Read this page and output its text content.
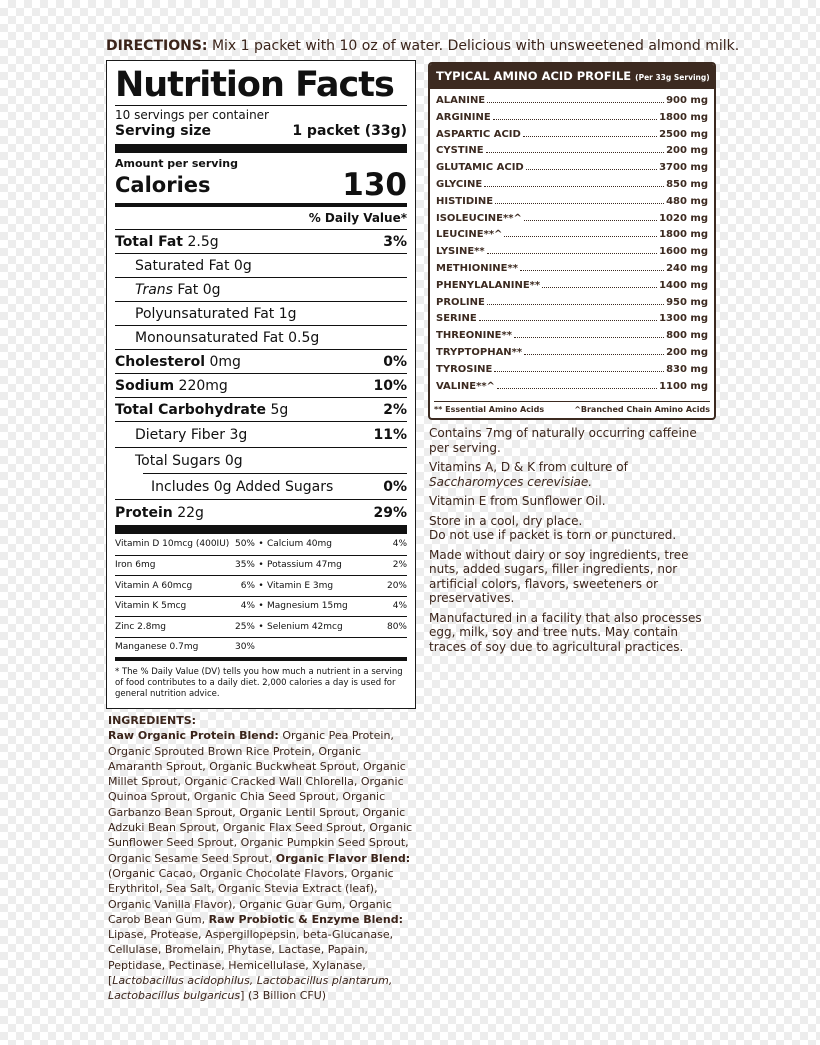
DIRECTIONS: Mix 1 packet with 10 oz of water. Delicious with unsweetened almond milk.
Nutrition Facts
10 servings per container
Serving size	1 packet (33g)
Amount per serving
Calories	130
% Daily Value*
Total Fat 2.5g	3%
Saturated Fat 0g
Trans Fat 0g
Polyunsaturated Fat 1g
Monounsaturated Fat 0.5g
Cholesterol 0mg	0%
Sodium 220mg	10%
Total Carbohydrate 5g	2%
Dietary Fiber 3g	11%
Total Sugars 0g
Includes 0g Added Sugars	0%
Protein 22g	29%
Vitamin D 10mcg (400IU) 50% • Calcium 40mg	4%
Iron 6mg	35% • Potassium 47mg	2%
Vitamin A 60mcg	6% • Vitamin E 3mg	20%
Vitamin K 5mcg	4% • Magnesium 15mg	4%
Zinc 2.8mg	25% • Selenium 42mcg	80%
Manganese 0.7mg	30%
* The % Daily Value (DV) tells you how much a nutrient in a serving of food contributes to a daily diet. 2,000 calories a day is used for general nutrition advice.
INGREDIENTS:
Raw Organic Protein Blend: Organic Pea Protein, Organic Sprouted Brown Rice Protein, Organic Amaranth Sprout, Organic Buckwheat Sprout, Organic Millet Sprout, Organic Cracked Wall Chlorella, Organic Quinoa Sprout, Organic Chia Seed Sprout, Organic Garbanzo Bean Sprout, Organic Lentil Sprout, Organic Adzuki Bean Sprout, Organic Flax Seed Sprout, Organic Sunflower Seed Sprout, Organic Pumpkin Seed Sprout, Organic Sesame Seed Sprout, Organic Flavor Blend: (Organic Cacao, Organic Chocolate Flavors, Organic Erythritol, Sea Salt, Organic Stevia Extract (leaf), Organic Vanilla Flavor), Organic Guar Gum, Organic Carob Bean Gum, Raw Probiotic & Enzyme Blend: Lipase, Protease, Aspergillopepsin, beta-Glucanase, Cellulase, Bromelain, Phytase, Lactase, Papain, Peptidase, Pectinase, Hemicellulase, Xylanase, [Lactobacillus acidophilus, Lactobacillus plantarum, Lactobacillus bulgaricus] (3 Billion CFU)
TYPICAL AMINO ACID PROFILE (Per 33g Serving)
ALANINE	900 mg
ARGININE	1800 mg
ASPARTIC ACID	2500 mg
CYSTINE	200 mg
GLUTAMIC ACID	3700 mg
GLYCINE	850 mg
HISTIDINE	480 mg
ISOLEUCINE**^	1020 mg
LEUCINE**^	1800 mg
LYSINE**	1600 mg
METHIONINE**	240 mg
PHENYLALANINE**	1400 mg
PROLINE	950 mg
SERINE	1300 mg
THREONINE**	800 mg
TRYPTOPHAN**	200 mg
TYROSINE	830 mg
VALINE**^	1100 mg
** Essential Amino Acids	^Branched Chain Amino Acids

Contains 7mg of naturally occurring caffeine per serving.

Vitamins A, D & K from culture of Saccharomyces cerevisiae.

Vitamin E from Sunflower Oil.

Store in a cool, dry place.
Do not use if packet is torn or punctured.

Made without dairy or soy ingredients, tree nuts, added sugars, filler ingredients, nor artificial colors, flavors, sweeteners or preservatives.

Manufactured in a facility that also processes egg, milk, soy and tree nuts. May contain traces of soy due to agricultural practices.
